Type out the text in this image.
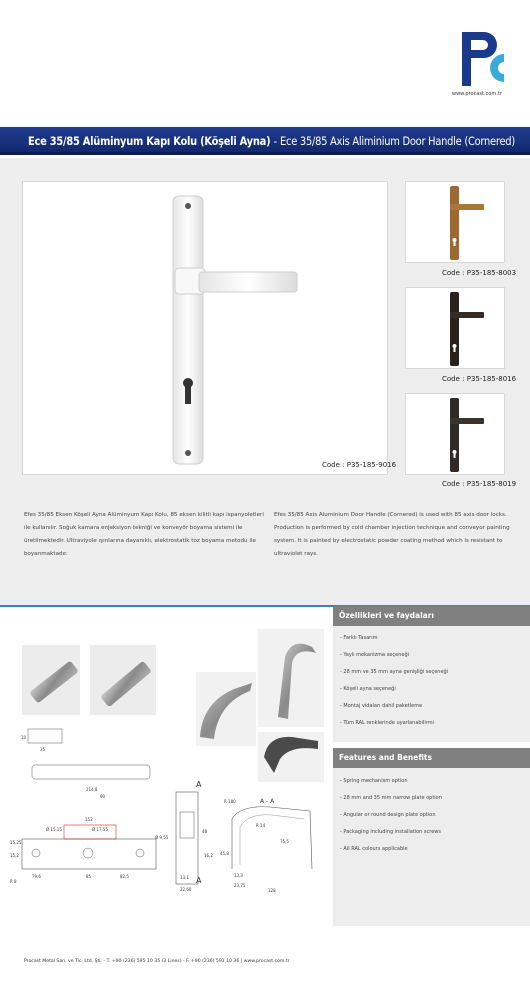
www.procast.com.tr
Ece 35/85 Alüminyum Kapı Kolu (Köşeli Ayna) - Ece 35/85 Axis Aliminium Door Handle (Cornered)
Code : P35-185-9016
Code : P35-185-8003
Code : P35-185-8016
Code : P35-185-8019
Efes 35/85 Eksen Köşeli Ayna Alüminyum Kapı Kolu, 85 eksen kilitli kapı ispanyoletleri ile kullanılır. Soğuk kamara enjeksiyon tekniği ve konveyör boyama sistemi ile üretilmektedir. Ultraviyole ışınlarına dayanıklı, elektrostatik toz boyama metodu ile boyanmaktadır.
Efes 35/85 Axis Aluminium Door Handle (Cornered) is used with 85 axis door locks. Production is performed by cold chamber injection technique and conveyor painting system. It is painted by electrostatic powder coating method which is resistant to ultraviolet rays.
Özellikleri ve faydaları
- Farklı Tasarım
- Yaylı mekanizma seçeneği
- 28 mm ve 35 mm ayna genişliği seçeneği
- Köşeli ayna seçeneği
- Montaj vidaları dahil paketleme
- Tüm RAL renklerinde uyarlanabilirmi
Features and Benefits
- Spring mechanism option
- 28 mm and 35 mm narrow plate option
- Angular or round design plate option
- Packaging including installation screws
- All RAL colours applicable
10
35
214,8
90
153
Ø 15,15	Ø 17,55
Ø 9,55
15,25
15,2
79,6	85	82,5
R 8
A
A
48
16,2
13,1
22,60
R 180	A - A
R 14
75,5
45,8
13,3
23,75
128
Procast Metal San. ve Tic. Ltd. Şti. - T. +90 (236) 595 10 35 (3 Lines) - F. +90 (236) 591 10 36 | www.procast.com.tr
